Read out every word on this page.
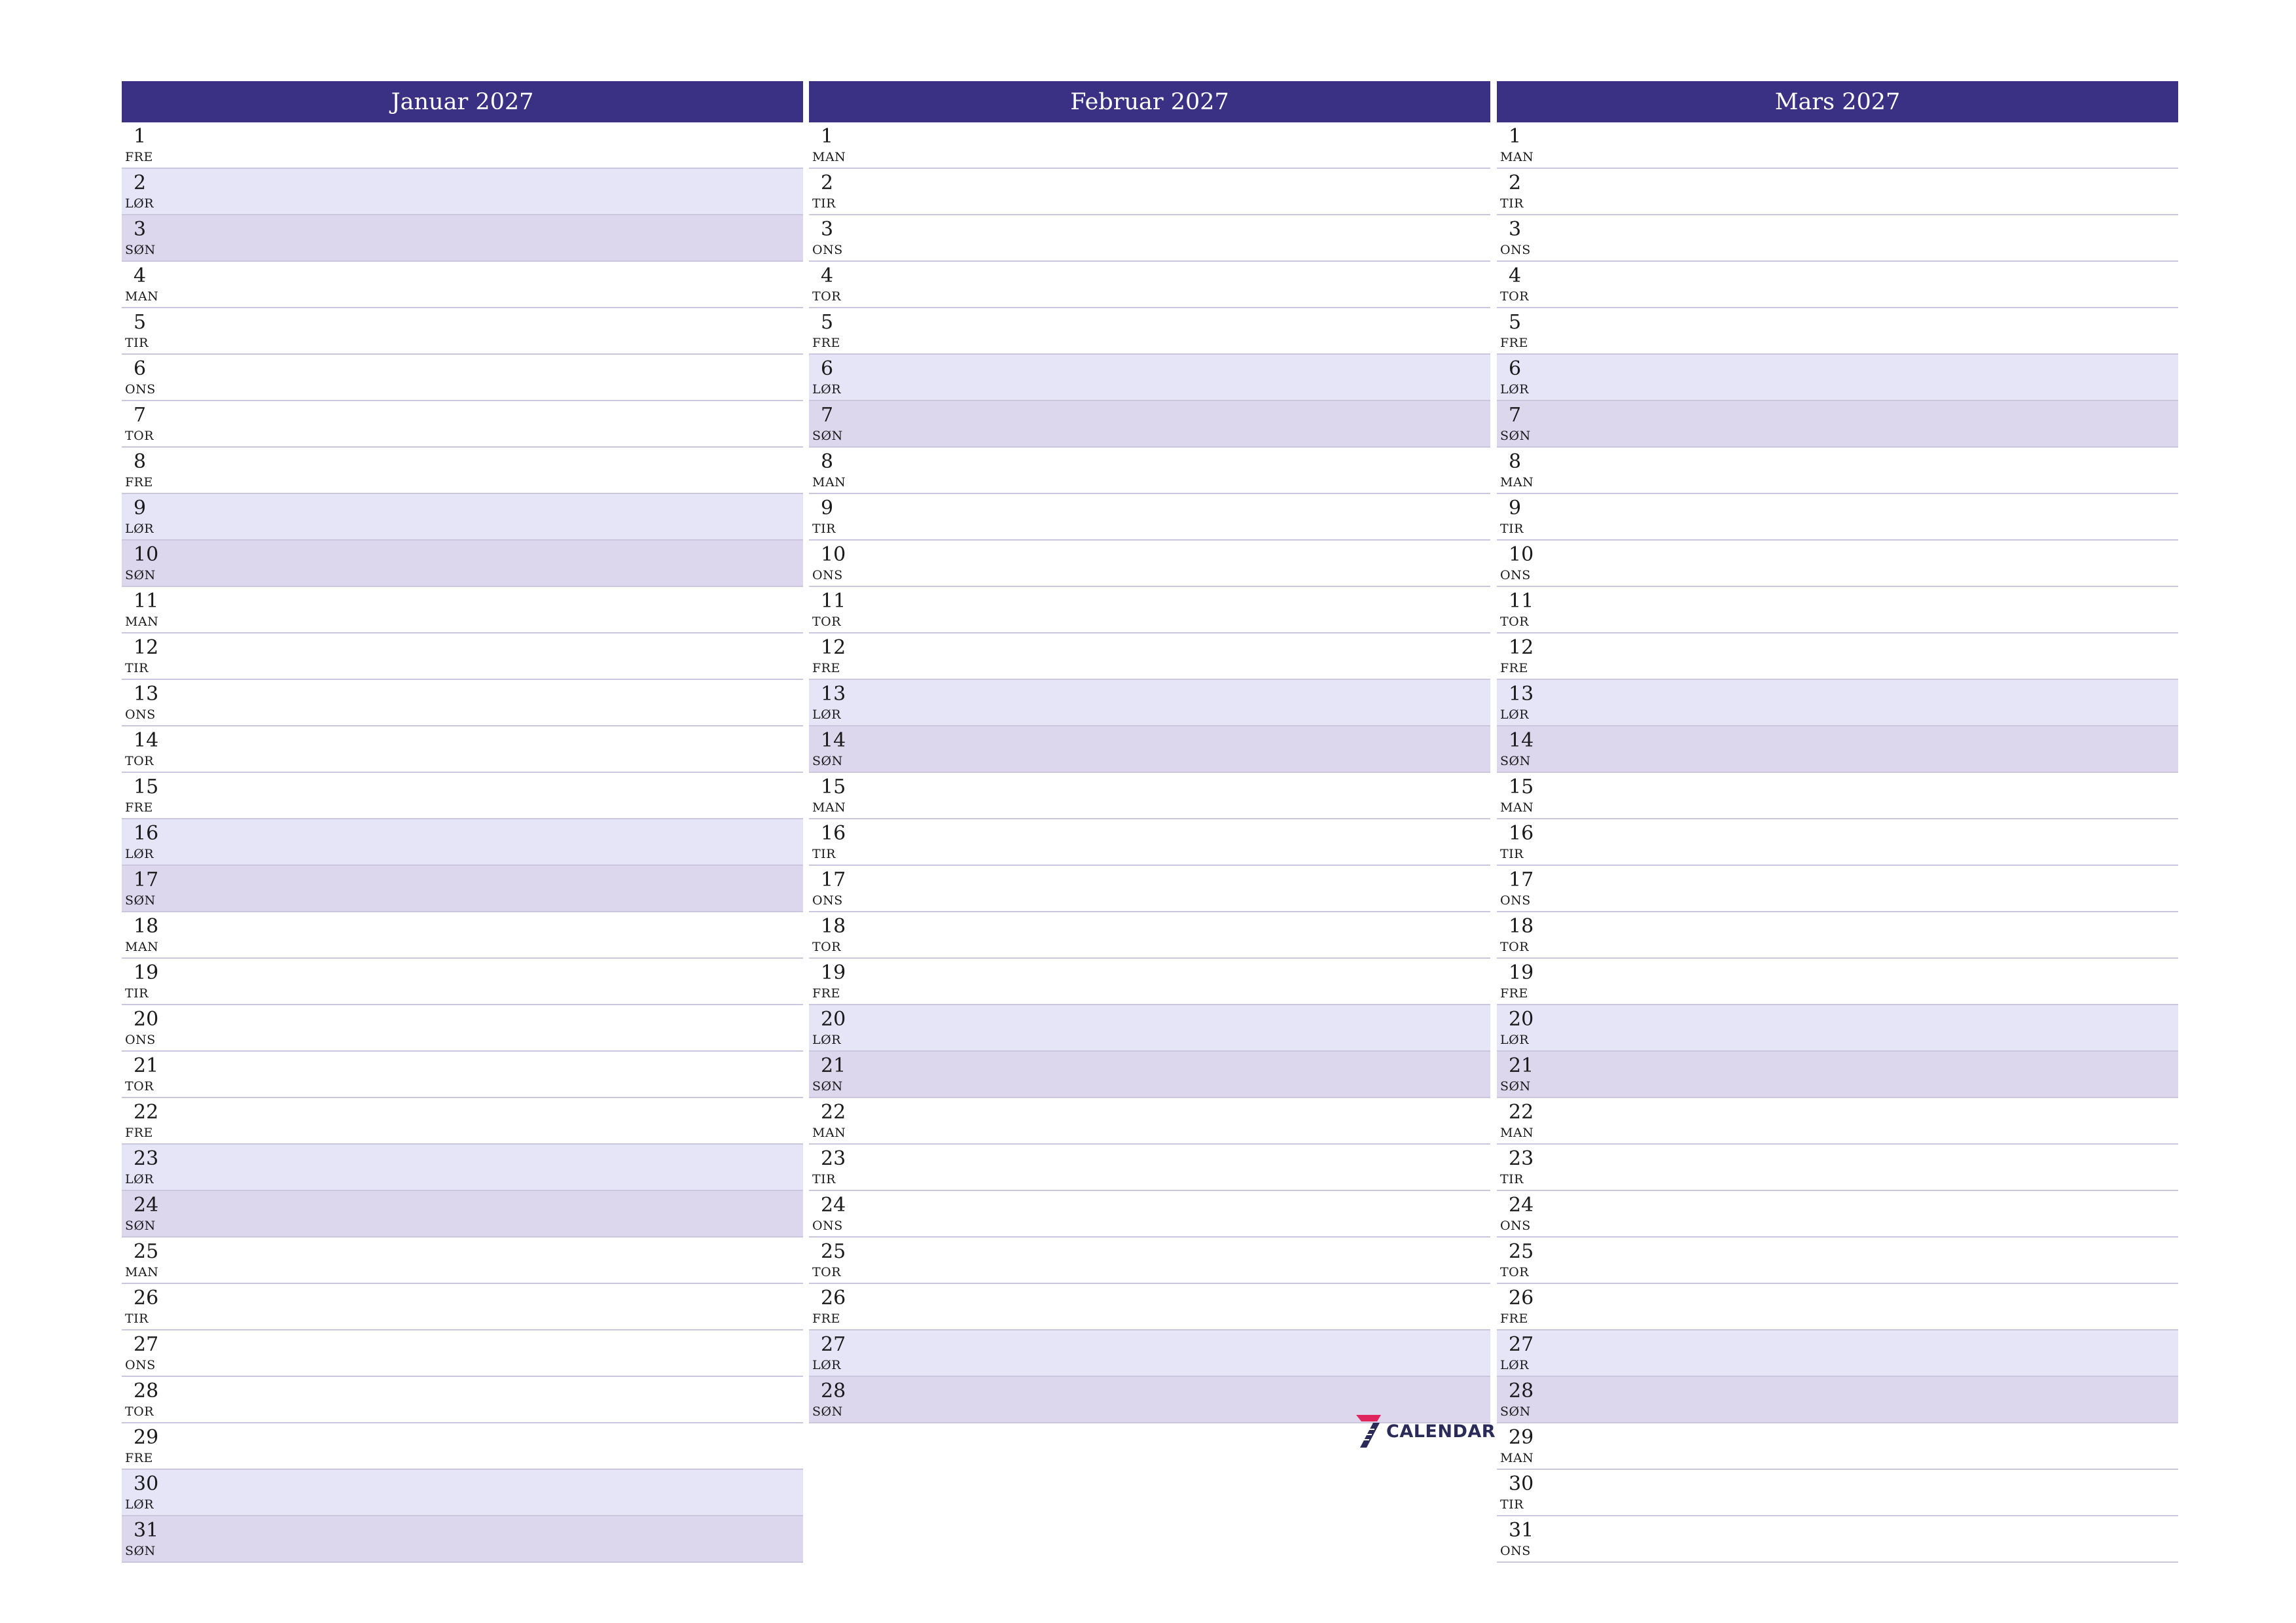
Januar 2027
1
FRE
2
LØR
3
SØN
4
MAN
5
TIR
6
ONS
7
TOR
8
FRE
9
LØR
10
SØN
11
MAN
12
TIR
13
ONS
14
TOR
15
FRE
16
LØR
17
SØN
18
MAN
19
TIR
20
ONS
21
TOR
22
FRE
23
LØR
24
SØN
25
MAN
26
TIR
27
ONS
28
TOR
29
FRE
30
LØR
31
SØN
Februar 2027
1
MAN
2
TIR
3
ONS
4
TOR
5
FRE
6
LØR
7
SØN
8
MAN
9
TIR
10
ONS
11
TOR
12
FRE
13
LØR
14
SØN
15
MAN
16
TIR
17
ONS
18
TOR
19
FRE
20
LØR
21
SØN
22
MAN
23
TIR
24
ONS
25
TOR
26
FRE
27
LØR
28
SØN
Mars 2027
1
MAN
2
TIR
3
ONS
4
TOR
5
FRE
6
LØR
7
SØN
8
MAN
9
TIR
10
ONS
11
TOR
12
FRE
13
LØR
14
SØN
15
MAN
16
TIR
17
ONS
18
TOR
19
FRE
20
LØR
21
SØN
22
MAN
23
TIR
24
ONS
25
TOR
26
FRE
27
LØR
28
SØN
29
MAN
30
TIR
31
ONS
CALENDAR
